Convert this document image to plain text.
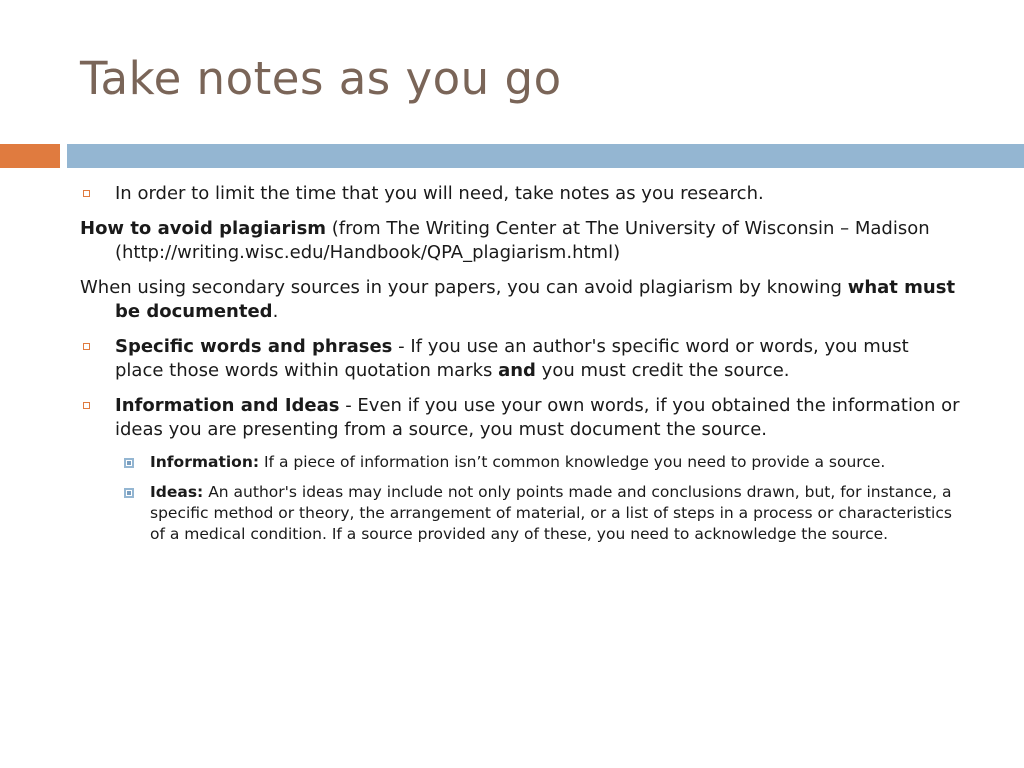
Take notes as you go
In order to limit the time that you will need, take notes as you research.
How to avoid plagiarism (from The Writing Center at The University of Wisconsin – Madison (http://writing.wisc.edu/Handbook/QPA_plagiarism.html)
When using secondary sources in your papers, you can avoid plagiarism by knowing what must be documented.
Specific words and phrases - If you use an author's specific word or words, you must place those words within quotation marks and you must credit the source.
Information and Ideas - Even if you use your own words, if you obtained the information or ideas you are presenting from a source, you must document the source.
Information: If a piece of information isn’t common knowledge you need to provide a source.
Ideas: An author's ideas may include not only points made and conclusions drawn, but, for instance, a specific method or theory, the arrangement of material, or a list of steps in a process or characteristics of a medical condition. If a source provided any of these, you need to acknowledge the source.
